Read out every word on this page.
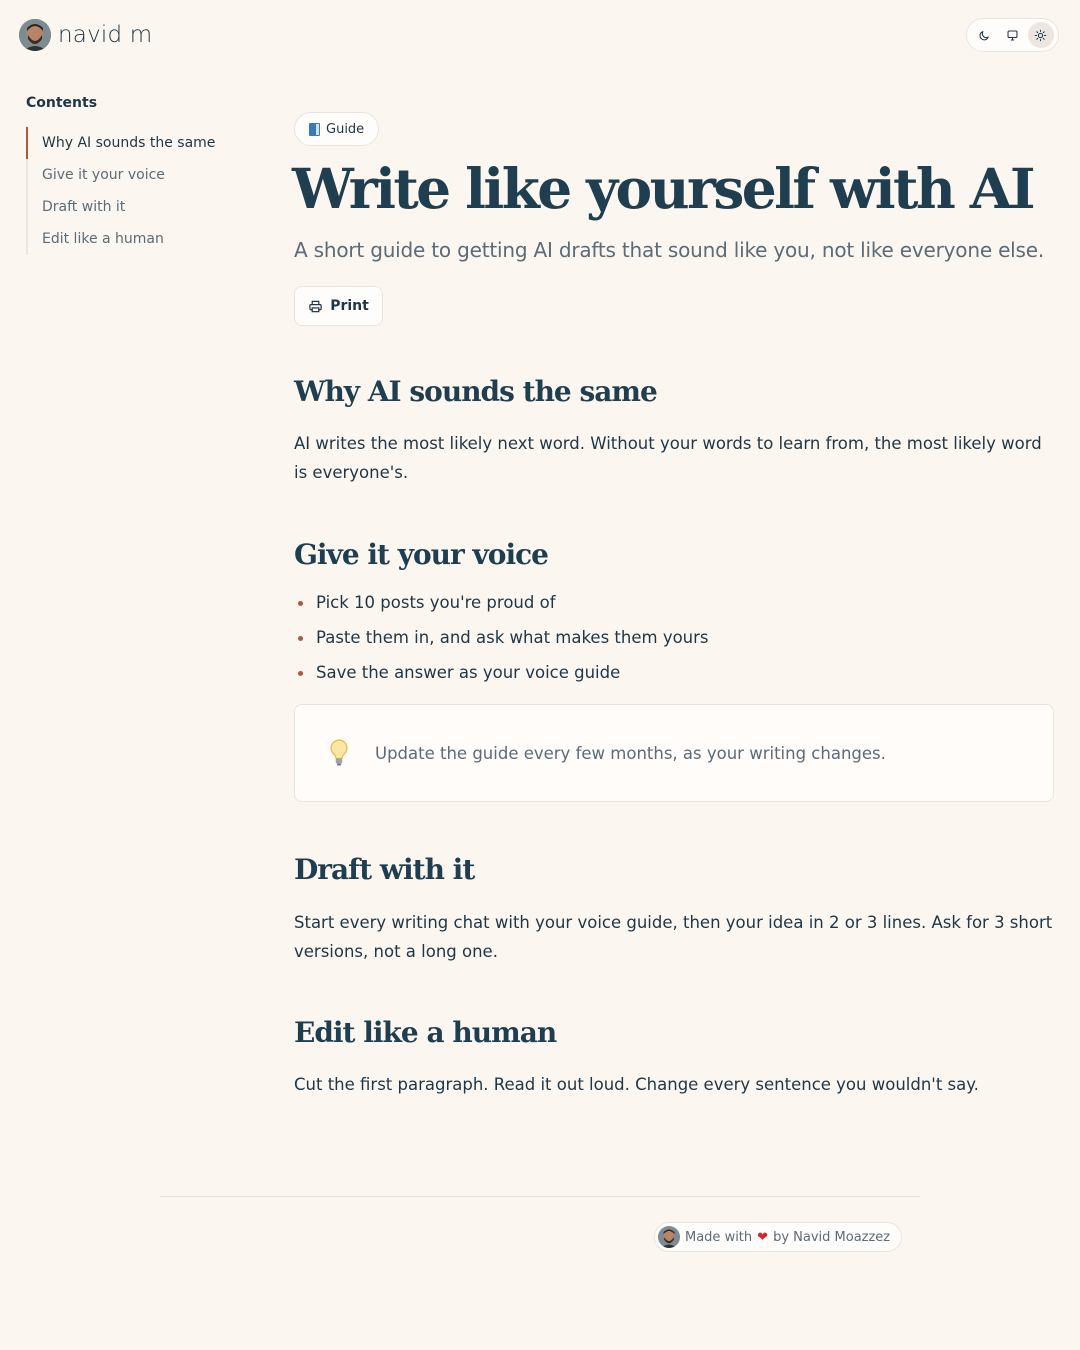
navid m
Contents
Why AI sounds the same
Give it your voice
Draft with it
Edit like a human
Guide
Write like yourself with AI
A short guide to getting AI drafts that sound like you, not like everyone else.
Print
Why AI sounds the same

AI writes the most likely next word. Without your words to learn from, the most likely word is everyone's.

Give it your voice
Pick 10 posts you're proud of
Paste them in, and ask what makes them yours
Save the answer as your voice guide
Update the guide every few months, as your writing changes.
Draft with it

Start every writing chat with your voice guide, then your idea in 2 or 3 lines. Ask for 3 short versions, not a long one.

Edit like a human

Cut the first paragraph. Read it out loud. Change every sentence you wouldn't say.

Made with ❤ by Navid Moazzez
